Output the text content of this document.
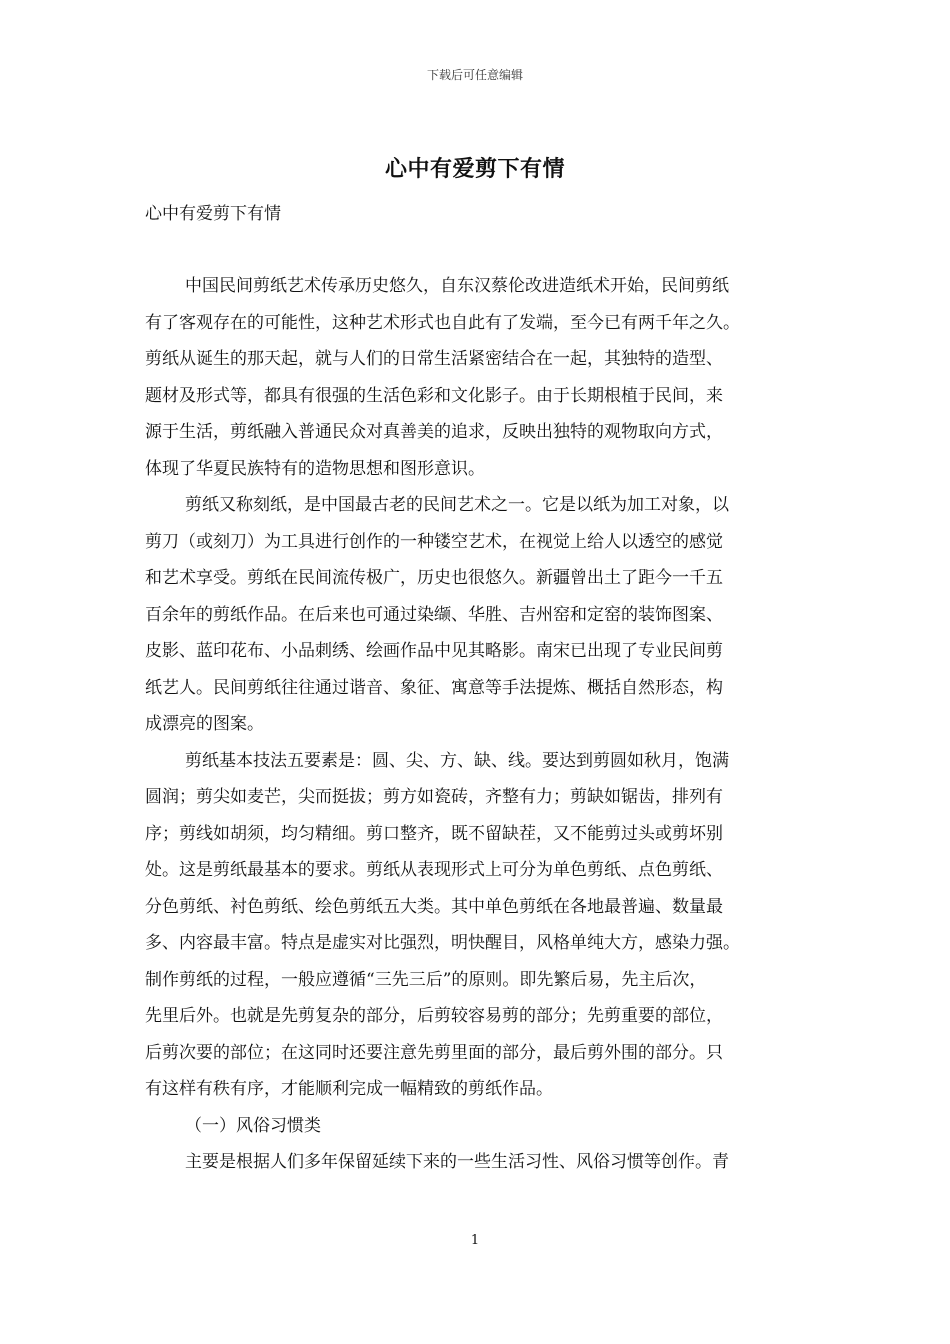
下载后可任意编辑
心中有爱剪下有情
心中有爱剪下有情
中国民间剪纸艺术传承历史悠久，自东汉蔡伦改进造纸术开始，民间剪纸
有了客观存在的可能性，这种艺术形式也自此有了发端，至今已有两千年之久。
剪纸从诞生的那天起，就与人们的日常生活紧密结合在一起，其独特的造型、
题材及形式等，都具有很强的生活色彩和文化影子。由于长期根植于民间，来
源于生活，剪纸融入普通民众对真善美的追求，反映出独特的观物取向方式，
体现了华夏民族特有的造物思想和图形意识。
剪纸又称刻纸，是中国最古老的民间艺术之一。它是以纸为加工对象，以
剪刀（或刻刀）为工具进行创作的一种镂空艺术，在视觉上给人以透空的感觉
和艺术享受。剪纸在民间流传极广，历史也很悠久。新疆曾出土了距今一千五
百余年的剪纸作品。在后来也可通过染缬、华胜、吉州窑和定窑的装饰图案、
皮影、蓝印花布、小品刺绣、绘画作品中见其略影。南宋已出现了专业民间剪
纸艺人。民间剪纸往往通过谐音、象征、寓意等手法提炼、概括自然形态，构
成漂亮的图案。
剪纸基本技法五要素是：圆、尖、方、缺、线。要达到剪圆如秋月，饱满
圆润；剪尖如麦芒，尖而挺拔；剪方如瓷砖，齐整有力；剪缺如锯齿，排列有
序；剪线如胡须，均匀精细。剪口整齐，既不留缺茬，又不能剪过头或剪坏别
处。这是剪纸最基本的要求。剪纸从表现形式上可分为单色剪纸、点色剪纸、
分色剪纸、衬色剪纸、绘色剪纸五大类。其中单色剪纸在各地最普遍、数量最
多、内容最丰富。特点是虚实对比强烈，明快醒目，风格单纯大方，感染力强。
制作剪纸的过程，一般应遵循“三先三后”的原则。即先繁后易，先主后次，
先里后外。也就是先剪复杂的部分，后剪较容易剪的部分；先剪重要的部位，
后剪次要的部位；在这同时还要注意先剪里面的部分，最后剪外围的部分。只
有这样有秩有序，才能顺利完成一幅精致的剪纸作品。
（一）风俗习惯类
主要是根据人们多年保留延续下来的一些生活习性、风俗习惯等创作。青
1
